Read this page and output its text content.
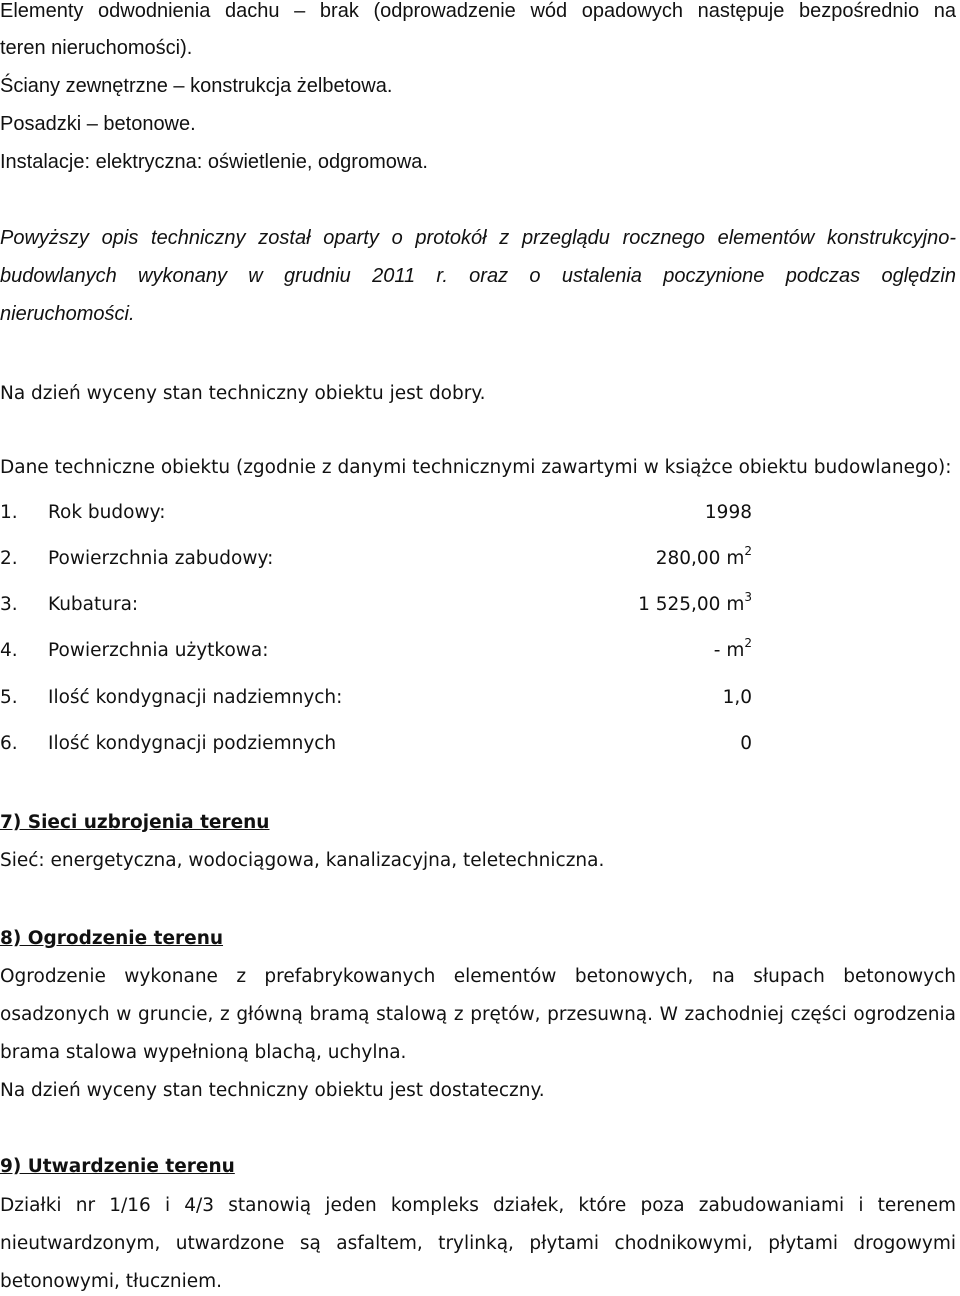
Elementy odwodnienia dachu – brak (odprowadzenie wód opadowych następuje bezpośrednio na
teren nieruchomości).
Ściany zewnętrzne – konstrukcja żelbetowa.
Posadzki – betonowe.
Instalacje: elektryczna: oświetlenie, odgromowa.
Powyższy opis techniczny został oparty o protokół z przeglądu rocznego elementów konstrukcyjno-
budowlanych wykonany w grudniu 2011 r. oraz o ustalenia poczynione podczas oględzin
nieruchomości.
Na dzień wyceny stan techniczny obiektu jest dobry.
Dane techniczne obiektu (zgodnie z danymi technicznymi zawartymi w książce obiektu budowlanego):
1. Rok budowy:	1998
2. Powierzchnia zabudowy:	280,00 $m^2$
3. Kubatura:	1 525,00 $m^3$
4. Powierzchnia użytkowa:	- $m^2$
5. Ilość kondygnacji nadziemnych:	1,0
6. Ilość kondygnacji podziemnych	0
7) Sieci uzbrojenia terenu
Sieć: energetyczna, wodociągowa, kanalizacyjna, teletechniczna.
8) Ogrodzenie terenu
Ogrodzenie wykonane z prefabrykowanych elementów betonowych, na słupach betonowych
osadzonych w gruncie, z główną bramą stalową z prętów, przesuwną. W zachodniej części ogrodzenia
brama stalowa wypełnioną blachą, uchylna.
Na dzień wyceny stan techniczny obiektu jest dostateczny.
9) Utwardzenie terenu
Działki nr 1/16 i 4/3 stanowią jeden kompleks działek, które poza zabudowaniami i terenem
nieutwardzonym, utwardzone są asfaltem, trylinką, płytami chodnikowymi, płytami drogowymi
betonowymi, tłuczniem.
